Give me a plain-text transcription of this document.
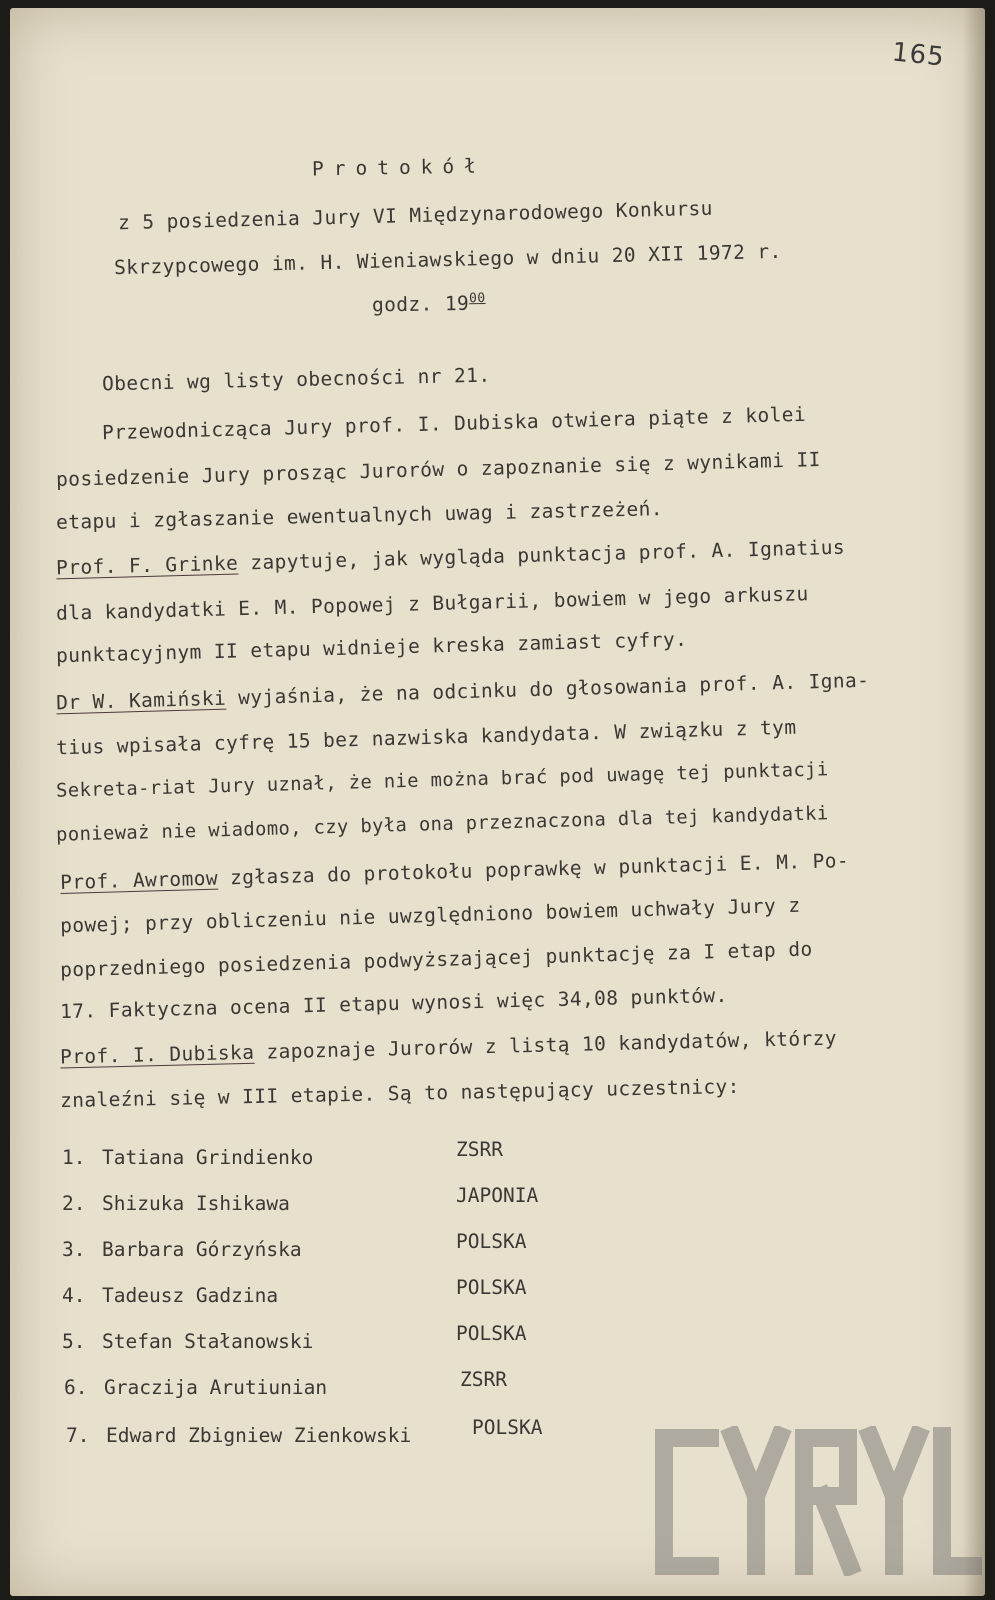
165

Protokół

z 5 posiedzenia Jury VI Międzynarodowego Konkursu

Skrzypcowego im. H. Wieniawskiego w dniu 20 XII 1972 r.

godz. $19^{00}$

Obecni wg listy obecności nr 21.

Przewodnicząca Jury prof. I. Dubiska otwiera piąte z kolei

posiedzenie Jury prosząc Jurorów o zapoznanie się z wynikami II

etapu i zgłaszanie ewentualnych uwag i zastrzeżeń.

Prof. F. Grinke zapytuje, jak wygląda punktacja prof. A. Ignatius

dla kandydatki E. M. Popowej z Bułgarii, bowiem w jego arkuszu

punktacyjnym II etapu widnieje kreska zamiast cyfry.

Dr W. Kamiński wyjaśnia, że na odcinku do głosowania prof. A. Igna-

tius wpisała cyfrę 15 bez nazwiska kandydata. W związku z tym

Sekreta-riat Jury uznał, że nie można brać pod uwagę tej punktacji

ponieważ nie wiadomo, czy była ona przeznaczona dla tej kandydatki

Prof. Awromow zgłasza do protokołu poprawkę w punktacji E. M. Po-

powej; przy obliczeniu nie uwzględniono bowiem uchwały Jury z

poprzedniego posiedzenia podwyższającej punktację za I etap do

17. Faktyczna ocena II etapu wynosi więc 34,08 punktów.

Prof. I. Dubiska zapoznaje Jurorów z listą 10 kandydatów, którzy

znaleźni się w III etapie. Są to następujący uczestnicy:

1. Tatiana Grindienko	ZSRR
2. Shizuka Ishikawa	JAPONIA
3. Barbara Górzyńska	POLSKA
4. Tadeusz Gadzina	POLSKA
5. Stefan Stałanowski	POLSKA
6. Graczija Arutiunian	ZSRR
7. Edward Zbigniew Zienkowski	POLSKA
